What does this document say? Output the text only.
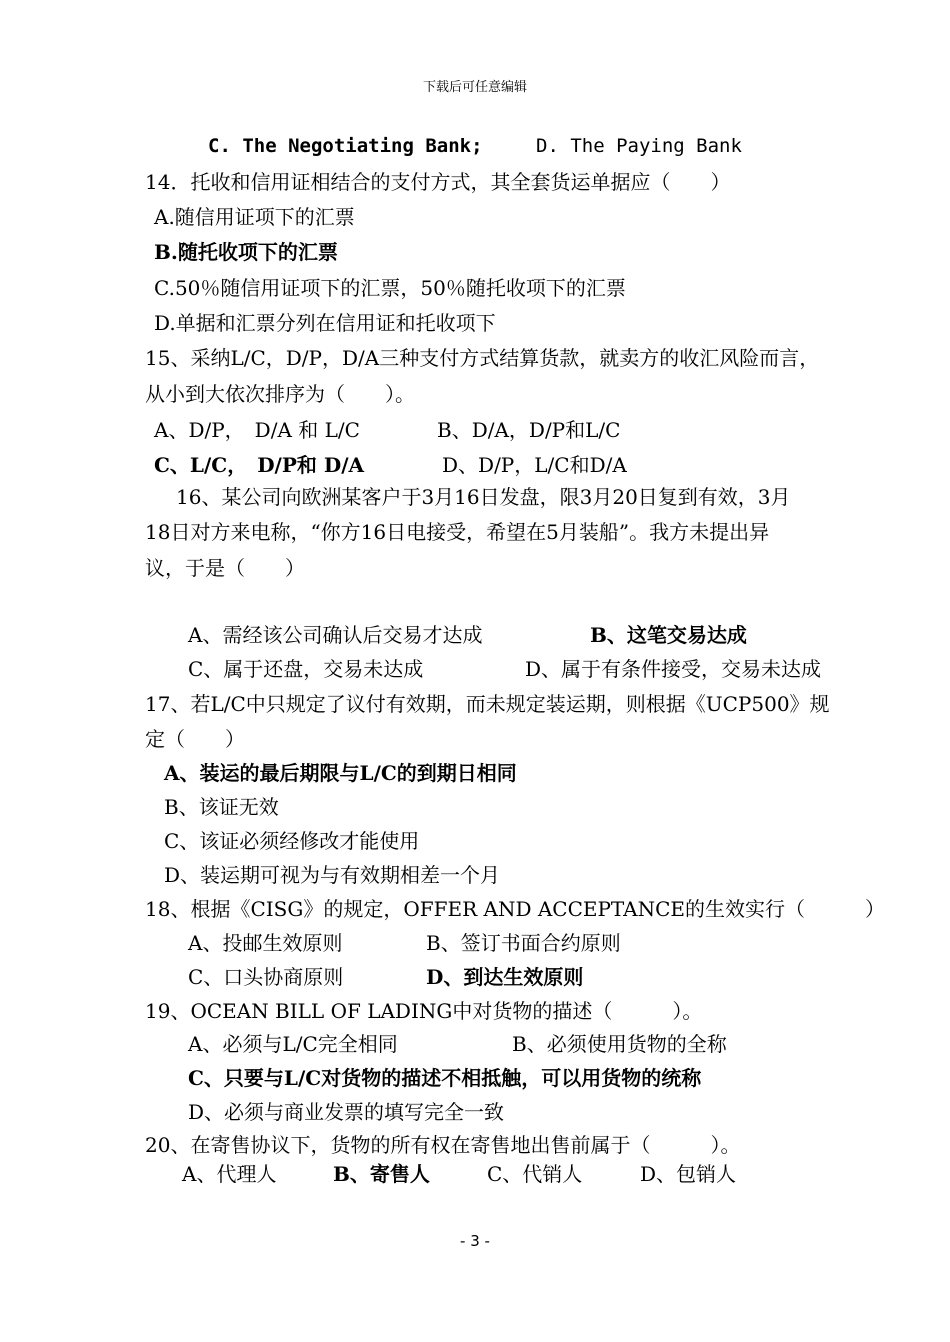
下载后可任意编辑
C. The Negotiating Bank;	D. The Paying Bank
14．托收和信用证相结合的支付方式，其全套货运单据应（　　）
A.随信用证项下的汇票
B.随托收项下的汇票
C.50％随信用证项下的汇票，50％随托收项下的汇票
D.单据和汇票分列在信用证和托收项下
15、采纳L/C，D/P，D/A三种支付方式结算货款，就卖方的收汇风险而言，
从小到大依次排序为（　　）。
A、D/P，　D/A 和 L/C	B、D/A，D/P和L/C
C、L/C，　D/P和 D/A	D、D/P，L/C和D/A
16、某公司向欧洲某客户于3月16日发盘，限3月20日复到有效，3月
18日对方来电称，“你方16日电接受，希望在5月装船”。我方未提出异
议，于是（　　）
A、需经该公司确认后交易才达成	B、这笔交易达成
C、属于还盘，交易未达成	D、属于有条件接受，交易未达成
17、若L/C中只规定了议付有效期，而未规定装运期，则根据《UCP500》规
定（　　）
A、装运的最后期限与L/C的到期日相同
B、该证无效
C、该证必须经修改才能使用
D、装运期可视为与有效期相差一个月
18、根据《CISG》的规定，OFFER AND ACCEPTANCE的生效实行（　　　）
A、投邮生效原则	B、签订书面合约原则
C、口头协商原则	D、到达生效原则
19、OCEAN BILL OF LADING中对货物的描述（　　　）。
A、必须与L/C完全相同	B、必须使用货物的全称
C、只要与L/C对货物的描述不相抵触，可以用货物的统称
D、必须与商业发票的填写完全一致
20、在寄售协议下，货物的所有权在寄售地出售前属于（　　　）。
A、代理人	B、寄售人	C、代销人	D、包销人
- 3 -
